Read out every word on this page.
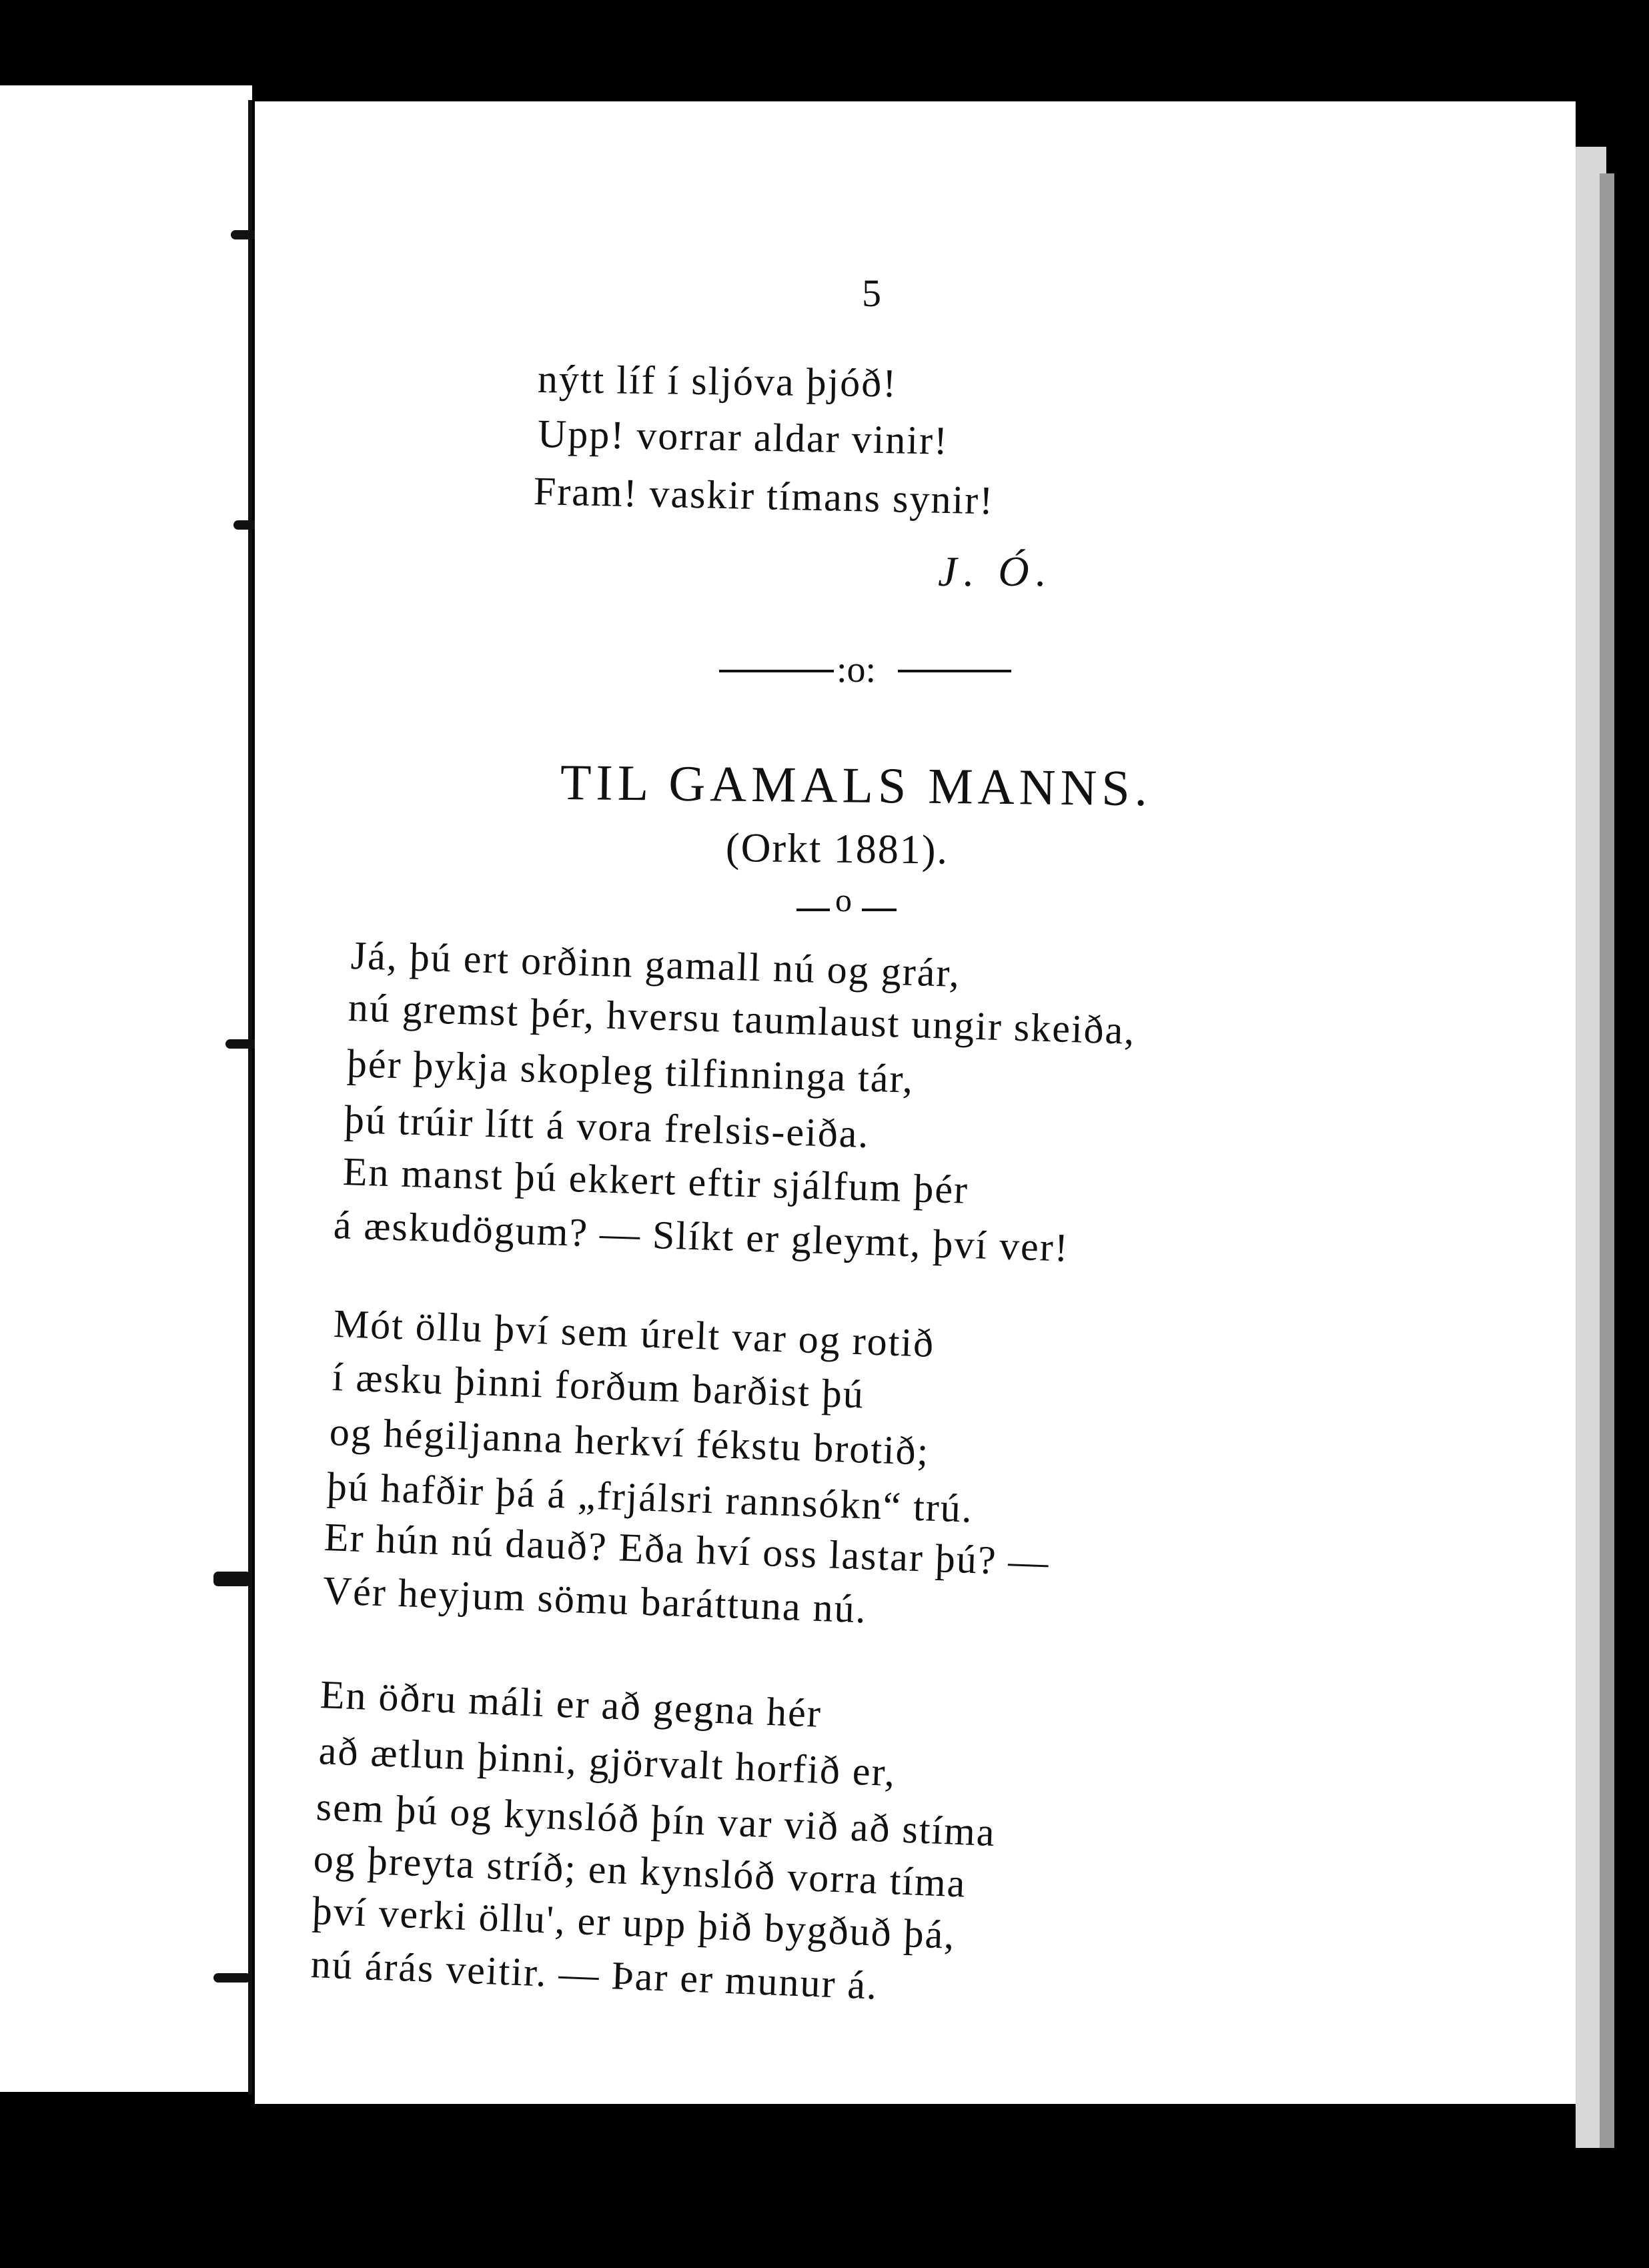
5
nýtt líf í sljóva þjóð!
Upp! vorrar aldar vinir!
Fram! vaskir tímans synir!
J. Ó.
:o:
TIL GAMALS MANNS.
(Orkt 1881).
o
Já, þú ert orðinn gamall nú og grár,
nú gremst þér, hversu taumlaust ungir skeiða,
þér þykja skopleg tilfinninga tár,
þú trúir lítt á vora frelsis-eiða.
En manst þú ekkert eftir sjálfum þér
á æskudögum? — Slíkt er gleymt, því ver!
Mót öllu því sem úrelt var og rotið
í æsku þinni forðum barðist þú
og hégiljanna herkví fékstu brotið;
þú hafðir þá á „frjálsri rannsókn“ trú.
Er hún nú dauð? Eða hví oss lastar þú? —
Vér heyjum sömu baráttuna nú.
En öðru máli er að gegna hér
að ætlun þinni, gjörvalt horfið er,
sem þú og kynslóð þín var við að stíma
og þreyta stríð; en kynslóð vorra tíma
því verki öllu', er upp þið bygðuð þá,
nú árás veitir. — Þar er munur á.
